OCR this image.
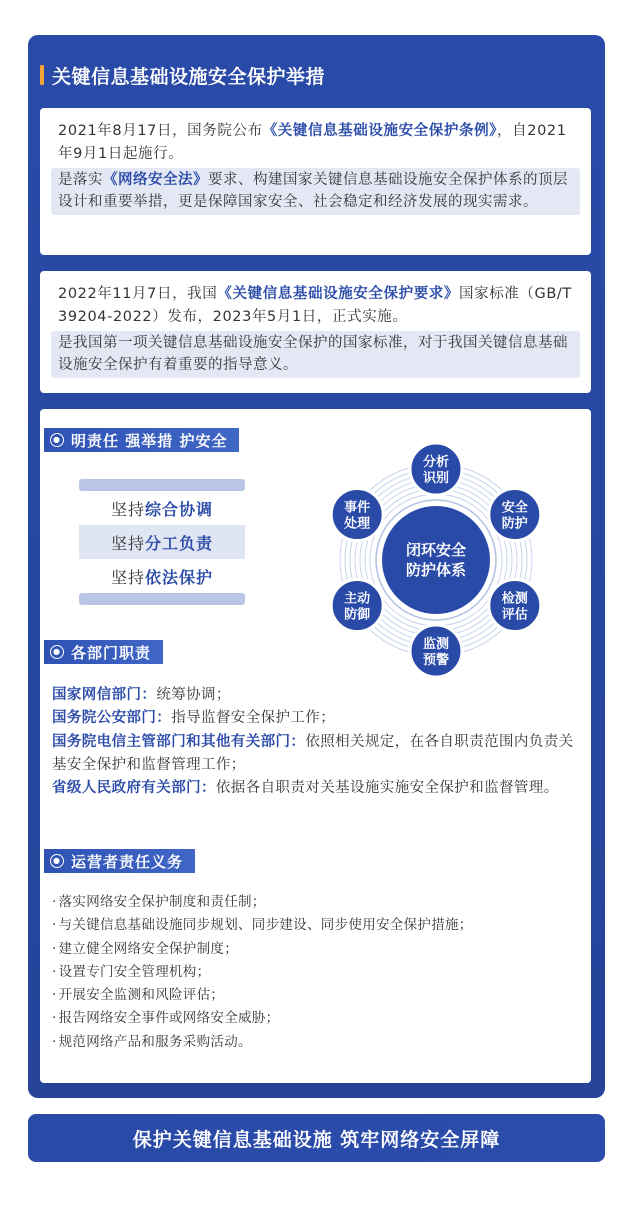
关键信息基础设施安全保护举措

2021年8月17日，国务院公布《关键信息基础设施安全保护条例》，自2021年9月1日起施行。

是落实《网络安全法》要求、构建国家关键信息基础设施安全保护体系的顶层设计和重要举措，更是保障国家安全、社会稳定和经济发展的现实需求。

2022年11月7日，我国《关键信息基础设施安全保护要求》国家标准（GB/T 39204-2022）发布，2023年5月1日，正式实施。

是我国第一项关键信息基础设施安全保护的国家标准，对于我国关键信息基础设施安全保护有着重要的指导意义。
● 明责任 强举措 护安全
坚持 综合协调
坚持 分工负责
坚持 依法保护
闭环安全
防护体系
分析
识别
安全
防护
检测
评估
监测
预警
主动
防御
事件
处理
● 各部门职责
国家网信部门：统筹协调；
国务院公安部门：指导监督安全保护工作；
国务院电信主管部门和其他有关部门：依照相关规定，在各自职责范围内负责关基安全保护和监督管理工作；
省级人民政府有关部门：依据各自职责对关基设施实施安全保护和监督管理。
● 运营者责任义务
· 落实网络安全保护制度和责任制；
· 与关键信息基础设施同步规划、同步建设、同步使用安全保护措施；
· 建立健全网络安全保护制度；
· 设置专门安全管理机构；
· 开展安全监测和风险评估；
· 报告网络安全事件或网络安全威胁；
· 规范网络产品和服务采购活动。
保护关键信息基础设施 筑牢网络安全屏障
